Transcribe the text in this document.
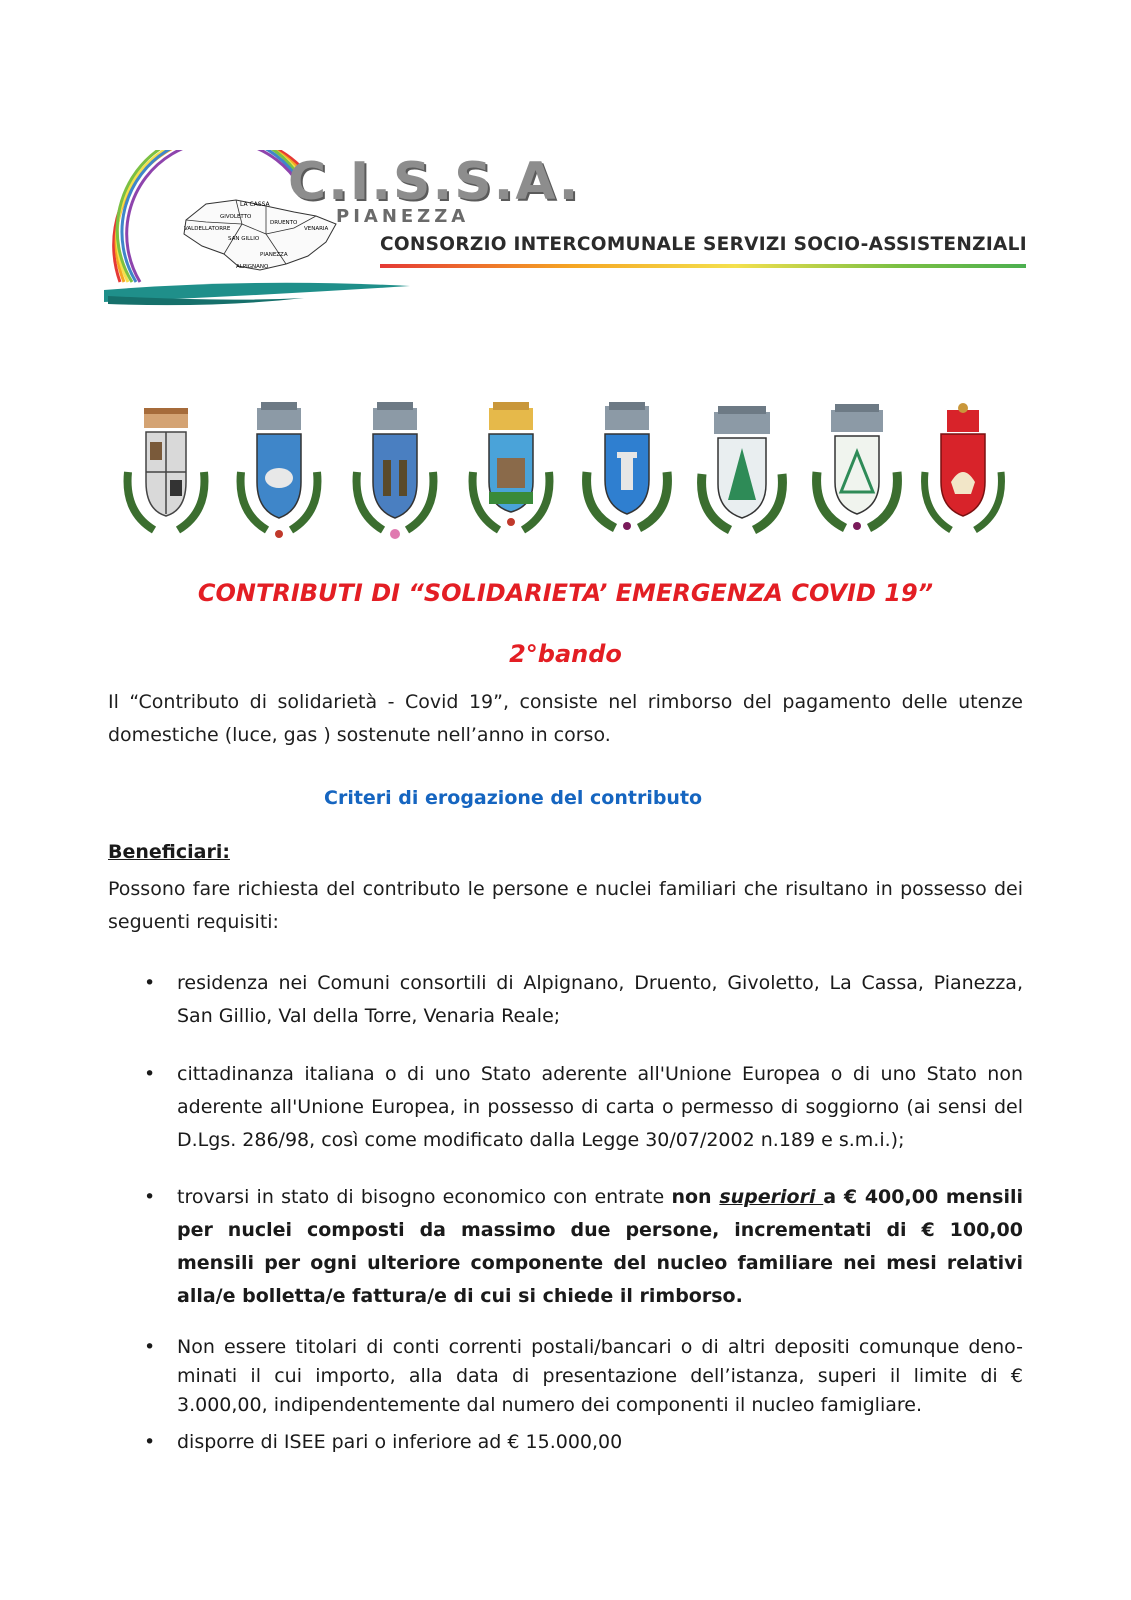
LA CASSA
GIVOLETTO
DRUENTO
VALDELLATORRE	VENARIA
SAN GILLIO
PIANEZZA
ALPIGNANO
C.I.S.S.A.
PIANEZZA
CONSORZIO INTERCOMUNALE SERVIZI SOCIO-ASSISTENZIALI
CONTRIBUTI DI “SOLIDARIETA’ EMERGENZA COVID 19”
2°bando
Il “Contributo di solidarietà - Covid 19”, consiste nel rimborso del pagamento delle utenze domestiche (luce, gas ) sostenute nell’anno in corso.
Criteri di erogazione del contributo
Beneficiari:
Possono fare richiesta del contributo le persone e nuclei familiari che risultano in possesso dei seguenti requisiti:
• residenza nei Comuni consortili di Alpignano, Druento, Givoletto, La Cassa, Pianezza, San Gillio, Val della Torre, Venaria Reale;
• cittadinanza italiana o di uno Stato aderente all'Unione Europea o di uno Stato non aderente all'Unione Europea, in possesso di carta o permesso di soggiorno (ai sensi del D.Lgs. 286/98, così come modificato dalla Legge 30/07/2002 n.189 e s.m.i.);
• trovarsi in stato di bisogno economico con entrate non superiori a € 400,00 mensili per nuclei composti da massimo due persone, incrementati di € 100,00 mensili per ogni ulteriore componente del nucleo familiare nei mesi relativi alla/e bolletta/e fattura/e di cui si chiede il rimborso.
• Non essere titolari di conti correnti postali/bancari o di altri depositi comunque deno-minati il cui importo, alla data di presentazione dell’istanza, superi il limite di € 3.000,00, indipendentemente dal numero dei componenti il nucleo famigliare.
• disporre di ISEE pari o inferiore ad € 15.000,00
